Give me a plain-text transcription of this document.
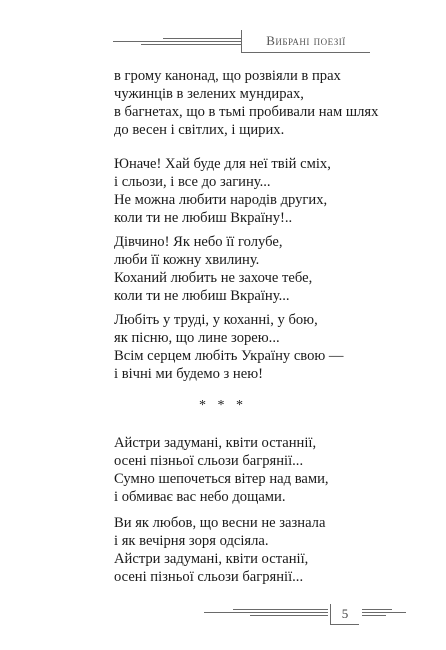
Вибрані поезії
в грому канонад, що розвіяли в прах
чужинців в зелених мундирах,
в багнетах, що в тьмі пробивали нам шлях
до весен і світлих, і щирих.
Юначе! Хай буде для неї твій сміх,
і сльози, і все до загину...
Не можна любити народів других,
коли ти не любиш Вкраїну!..
Дівчино! Як небо її голубе,
люби її кожну хвилину.
Коханий любить не захоче тебе,
коли ти не любиш Вкраїну...
Любіть у труді, у коханні, у бою,
як пісню, що лине зорею...
Всім серцем любіть Україну свою —
і вічні ми будемо з нею!
* * *
Айстри задумані, квіти останнії,
осені пізньої сльози багрянії...
Сумно шепочеться вітер над вами,
і обмиває вас небо дощами.
Ви як любов, що весни не зазнала
і як вечірня зоря одсіяла.
Айстри задумані, квіти останії,
осені пізньої сльози багрянії...
5
